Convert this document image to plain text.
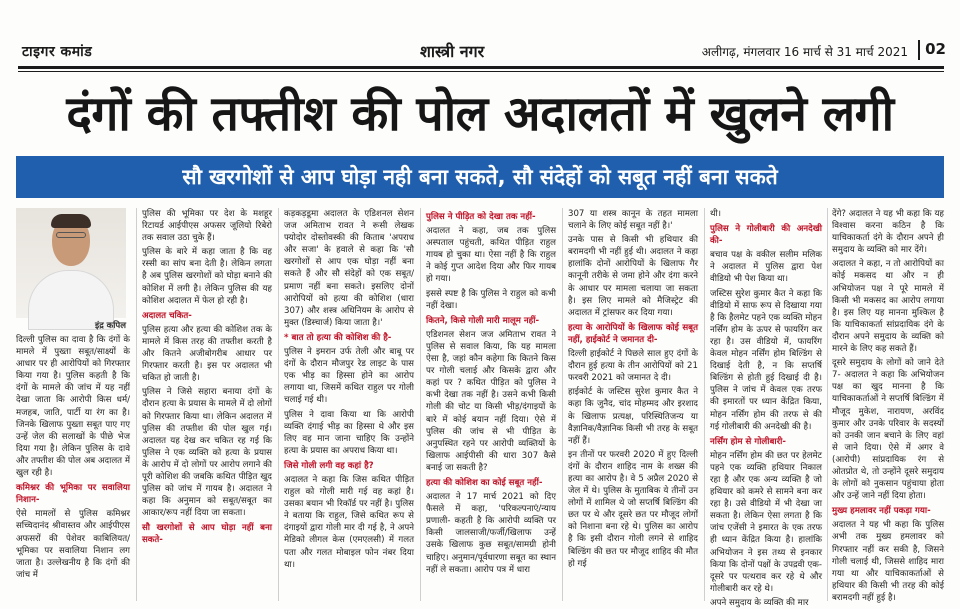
टाइगर कमांड	शास्त्री नगर	अलीगढ़, मंगलवार 16 मार्च से 31 मार्च 2021 02
दंगों की तफ्तीश की पोल अदालतों में खुलने लगी
सौ खरगोशों से आप घोड़ा नही बना सकते, सौ संदेहों को सबूत नहीं बना सकते
इंद्र कपिल

दिल्ली पुलिस का दावा है कि दंगों के मामले में पुख्ता सबूत/साक्ष्यों के आधार पर ही आरोपियों को गिरफ्तार किया गया है। पुलिस कहती है कि दंगों के मामले की जांच में यह नहीं देखा जाता कि आरोपी किस धर्म/मजहब, जाति, पार्टी या रंग का है। जिनके खिलाफ पुख्ता सबूत पाए गए उन्हें जेल की सलाखों के पीछे भेज दिया गया है। लेकिन पुलिस के दावे और तफ्तीश की पोल अब अदालत में खुल रही है।

कमिश्नर की भूमिका पर सवालिया निशान-

ऐसे मामलों से पुलिस कमिश्नर सच्चिदानंद श्रीवास्तव और आईपीएस अफसरों की पेशेवर काबिलियत/भूमिका पर सवालिया निशान लग जाता है। उल्लेखनीय है कि दंगों की जांच में

पुलिस की भूमिका पर देश के मशहूर रिटायर्ड आईपीएस अफसर जूलियो रिबेरो तक सवाल उठा चुके हैं।

पुलिस के बारे में कहा जाता है कि वह रस्सी का सांप बना देती है। लेकिन लगता है अब पुलिस खरगोशों को घोड़ा बनाने की कोशिश में लगी है। लेकिन पुलिस की यह कोशिश अदालत में फेल हो रही है।

अदालत चकित-

पुलिस हत्या और हत्या की कोशिश तक के मामले में किस तरह की तफ्तीश करती है और कितने अजीबोगरीब आधार पर गिरफ्तार करती है। इस पर अदालत भी चकित हो जाती है।

पुलिस ने जिसे सहारा बनाया दंगों के दौरान हत्या के प्रयास के मामले में दो लोगों को गिरफ्तार किया था। लेकिन अदालत में पुलिस की तफ्तीश की पोल खुल गई। अदालत यह देख कर चकित रह गई कि पुलिस ने एक व्यक्ति को हत्या के प्रयास के आरोप में दो लोगों पर आरोप लगाने की पूरी कोशिश की जबकि कथित पीड़ित खुद पुलिस को जांच में गायब है। अदालत ने कहा कि अनुमान को सबूत/सबूत का आकार/रूप नहीं दिया जा सकता।

सौ खरगोशों से आप घोड़ा नहीं बना सकते-

कड़कड़डूमा अदालत के एडिशनल सेशन जज अमिताभ रावत ने रूसी लेखक फ्योदोर दोस्तोवस्की की किताब 'अपराध और सजा' के हवाले से कहा कि 'सौ खरगोशों से आप एक घोड़ा नहीं बना सकते हैं और सौ संदेहों को एक सबूत/प्रमाण नहीं बना सकते। इसलिए दोनों आरोपियों को हत्या की कोशिश (धारा 307) और शस्त्र अधिनियम के आरोप से मुक्त (डिस्चार्ज) किया जाता है।'

* बात तो हत्या की कोशिश की है-

पुलिस ने इमरान उर्फ तेली और बाबू पर दंगों के दौरान मौजपुर रेड लाइट के पास एक भीड़ का हिस्सा होने का आरोप लगाया था, जिसमें कथित राहुल पर गोली चलाई गई थी।

पुलिस ने दावा किया था कि आरोपी व्यक्ति दंगाई भीड़ का हिस्सा थे और इस लिए वह मान जाना चाहिए कि उन्होंने हत्या के प्रयास का अपराध किया था।

जिसे गोली लगी वह कहां है?

अदालत ने कहा कि जिस कथित पीड़ित राहुल को गोली मारी गई वह कहां है। उसका बयान भी रिकॉर्ड पर नहीं है। पुलिस ने बताया कि राहुल, जिसे कथित रूप से दंगाइयों द्वारा गोली मार दी गई है, ने अपने मेडिको लीगल केस (एमएलसी) में गलत पता और गलत मोबाइल फोन नंबर दिया था।

पुलिस ने पीड़ित को देखा तक नहीं-

अदालत ने कहा, जब तक पुलिस अस्पताल पहुंचती, कथित पीड़ित राहुल गायब हो चुका था। ऐसा नहीं है कि राहुल ने कोई गुप्त आदेश दिया और फिर गायब हो गया।

इससे स्पष्ट है कि पुलिस ने राहुल को कभी नहीं देखा।

कितने, किसे गोली मारी मालूम नहीं-

एडिशनल सेशन जज अमिताभ रावत ने पुलिस से सवाल किया, कि यह मामला ऐसा है, जहां कौन कहेगा कि कितने किस पर गोली चलाई और किसके द्वारा और कहां पर ? कथित पीड़ित को पुलिस ने कभी देखा तक नहीं है। उसने कभी किसी गोली की चोट या किसी भीड़/दंगाइयों के बारे में कोई बयान नहीं दिया। ऐसे में पुलिस की जांच से भी पीड़ित के अनुपस्थित रहने पर आरोपी व्यक्तियों के खिलाफ आईपीसी की धारा 307 कैसे बनाई जा सकती है?

हत्या की कोशिश का कोई सबूत नहीं-

अदालत ने 17 मार्च 2021 को दिए फैसले में कहा, 'परिकल्पनाएं/न्याय प्रणाली- कहती है कि आरोपी व्यक्ति पर किसी जालसाजी/फर्जी/खिलाफ उन्हें उसके खिलाफ कुछ सबूत/सामग्री होनी चाहिए। अनुमान/पूर्वधारणा सबूत का स्थान नहीं ले सकता। आरोप पत्र में धारा

307 या शस्त्र कानून के तहत मामला चलाने के लिए कोई सबूत नहीं है।'

उनके पास से किसी भी हथियार की बरामदगी भी नहीं हुई थी। अदालत ने कहा हालांकि दोनों आरोपियों के खिलाफ गैर कानूनी तरीके से जमा होने और दंगा करने के आधार पर मामला चलाया जा सकता है। इस लिए मामले को मैजिस्ट्रेट की अदालत में ट्रांसफर कर दिया गया।

हत्या के आरोपियों के खिलाफ कोई सबूत नहीं, हाईकोर्ट ने जमानत दी-

दिल्ली हाईकोर्ट ने पिछले साल हुए दंगों के दौरान हुई हत्या के तीन आरोपियों को 21 फरवरी 2021 को जमानत दे दी।

हाईकोर्ट के जस्टिस सुरेश कुमार कैत ने कहा कि जुनैद, चांद मोहम्मद और इरशाद के खिलाफ प्रत्यक्ष, परिस्थितिजन्य या वैज्ञानिक/वैज्ञानिक किसी भी तरह के सबूत नहीं हैं।

इन तीनों पर फरवरी 2020 में हुए दिल्ली दंगों के दौरान शाहिद नाम के शख्स की हत्या का आरोप है। वे 5 अप्रैल 2020 से जेल में थे। पुलिस के मुताबिक ये तीनों उन लोगों में शामिल थे जो सप्तर्षि बिल्डिंग की छत पर थे और दूसरे छत पर मौजूद लोगों को निशाना बना रहे थे। पुलिस का आरोप है कि इसी दौरान गोली लगने से शाहिद बिल्डिंग की छत पर मौजूद शाहिद की मौत हो गई

थी।

पुलिस ने गोलीबारी की अनदेखी की-

बचाव पक्ष के वकील सलीम मलिक ने अदालत में पुलिस द्वारा पेश वीडियो भी पेश किया था।

जस्टिस सुरेश कुमार कैत ने कहा कि वीडियो में साफ रूप से दिखाया गया है कि हैलमेट पहने एक व्यक्ति मोहन नर्सिंग होम के ऊपर से फायरिंग कर रहा है। उस वीडियो में, फायरिंग केवल मोहन नर्सिंग होम बिल्डिंग से दिखाई देती है, न कि सप्तर्षि बिल्डिंग से होती हुई दिखाई दी है। पुलिस ने जांच में केवल एक तरफ की इमारतों पर ध्यान केंद्रित किया, मोहन नर्सिंग होम की तरफ से की गई गोलीबारी की अनदेखी की है।

नर्सिंग होम से गोलीबारी-

मोहन नर्सिंग होम की छत पर हेलमेट पहने एक व्यक्ति हथियार निकाल रहा है और एक अन्य व्यक्ति है जो हथियार को कमरे से सामने बना कर रहा है। उसे वीडियो में भी देखा जा सकता है। लेकिन ऐसा लगता है कि जांच एजेंसी ने इमारत के एक तरफ ही ध्यान केंद्रित किया है। हालांकि अभियोजन ने इस तथ्य से इनकार किया कि दोनों पक्षों के उपद्रवी एक-दूसरे पर पत्थराव कर रहे थे और गोलीबारी कर रहे थे।

अपने समुदाय के व्यक्ति की मार

देंगे? अदालत ने यह भी कहा कि यह विश्वास करना कठिन है कि याचिकाकर्ता दंगे के दौरान अपने ही समुदाय के व्यक्ति को मार देंगे।

अदालत ने कहा, न तो आरोपियों का कोई मकसद था और न ही अभियोजन पक्ष ने पूरे मामले में किसी भी मकसद का आरोप लगाया है। इस लिए यह मानना मुश्किल है कि याचिकाकर्ता सांप्रदायिक दंगे के दौरान अपने समुदाय के व्यक्ति को मारने के लिए कह सकते हैं।

दूसरे समुदाय के लोगों को जाने देते 7- अदालत ने कहा कि अभियोजन पक्ष का खुद मानना है कि याचिकाकर्ताओं ने सप्तर्षि बिल्डिंग में मौजूद मुकेश, नारायण, अरविंद कुमार और उनके परिवार के सदस्यों को उनकी जान बचाने के लिए वहां से जाने दिया। ऐसे में अगर वे (आरोपी) सांप्रदायिक रंग से ओतप्रोत थे, तो उन्होंने दूसरे समुदाय के लोगों को नुकसान पहुंचाया होता और उन्हें जाने नहीं दिया होता।

मुख्य हमलावर नहीं पकड़ा गया-

अदालत ने यह भी कहा कि पुलिस अभी तक मुख्य हमलावर को गिरफ्तार नहीं कर सकी है, जिसने गोली चलाई थी, जिससे शाहिद मारा गया था और याचिकाकर्ताओं से हथियार की किसी भी तरह की कोई बरामदगी नहीं हुई है।
